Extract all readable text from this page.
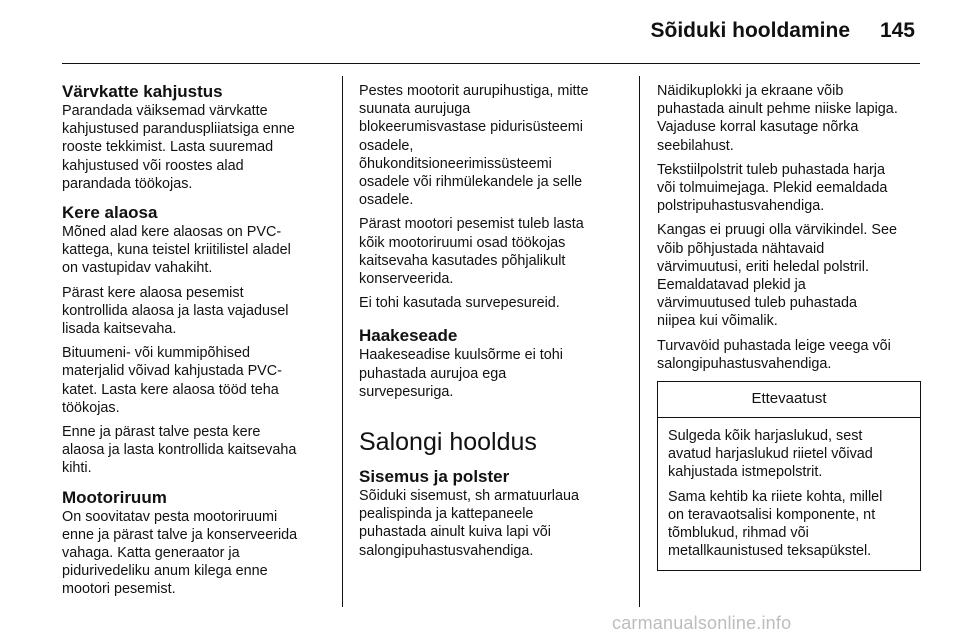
Sõiduki hooldamine 145
Värvkatte kahjustus

Parandada väiksemad värvkatte
kahjustused paranduspliiatsiga enne
rooste tekkimist. Lasta suuremad
kahjustused või roostes alad
parandada töökojas.

Kere alaosa

Mõned alad kere alaosas on PVC-
kattega, kuna teistel kriitilistel aladel
on vastupidav vahakiht.

Pärast kere alaosa pesemist
kontrollida alaosa ja lasta vajadusel
lisada kaitsevaha.

Bituumeni- või kummipõhised
materjalid võivad kahjustada PVC-
katet. Lasta kere alaosa tööd teha
töökojas.

Enne ja pärast talve pesta kere
alaosa ja lasta kontrollida kaitsevaha
kihti.

Mootoriruum

On soovitatav pesta mootoriruumi
enne ja pärast talve ja konserveerida
vahaga. Katta generaator ja
pidurivedeliku anum kilega enne
mootori pesemist.

Pestes mootorit aurupihustiga, mitte
suunata aurujuga
blokeerumisvastase pidurisüsteemi
osadele,
õhukonditsioneerimissüsteemi
osadele või rihmülekandele ja selle
osadele.

Pärast mootori pesemist tuleb lasta
kõik mootoriruumi osad töökojas
kaitsevaha kasutades põhjalikult
konserveerida.

Ei tohi kasutada survepesureid.

Haakeseade

Haakeseadise kuulsõrme ei tohi
puhastada aurujoa ega
survepesuriga.

Salongi hooldus
Sisemus ja polster

Sõiduki sisemust, sh armatuurlaua
pealispinda ja kattepaneele
puhastada ainult kuiva lapi või
salongipuhastusvahendiga.

Näidikuplokki ja ekraane võib
puhastada ainult pehme niiske lapiga.
Vajaduse korral kasutage nõrka
seebilahust.

Tekstiilpolstrit tuleb puhastada harja
või tolmuimejaga. Plekid eemaldada
polstripuhastusvahendiga.

Kangas ei pruugi olla värvikindel. See
võib põhjustada nähtavaid
värvimuutusi, eriti heledal polstril.
Eemaldatavad plekid ja
värvimuutused tuleb puhastada
niipea kui võimalik.

Turvavöid puhastada leige veega või
salongipuhastusvahendiga.

Ettevaatust

Sulgeda kõik harjaslukud, sest
avatud harjaslukud riietel võivad
kahjustada istmepolstrit.

Sama kehtib ka riiete kohta, millel
on teravaotsalisi komponente, nt
tõmblukud, rihmad või
metallkaunistused teksapükstel.

carmanualsonline.info
